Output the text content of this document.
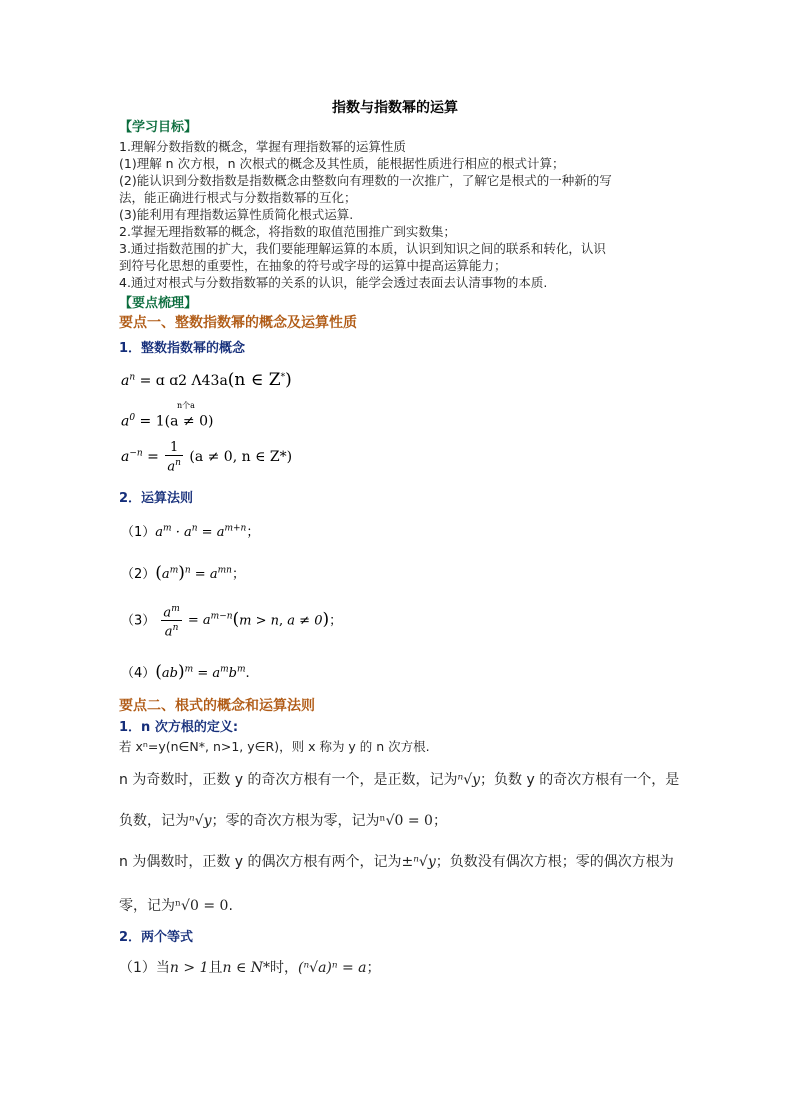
指数与指数幂的运算
【学习目标】
1.理解分数指数的概念，掌握有理指数幂的运算性质
(1)理解 n 次方根，n 次根式的概念及其性质，能根据性质进行相应的根式计算；
(2)能认识到分数指数是指数概念由整数向有理数的一次推广，了解它是根式的一种新的写
法，能正确进行根式与分数指数幂的互化；
(3)能利用有理指数运算性质简化根式运算.
2.掌握无理指数幂的概念，将指数的取值范围推广到实数集；
3.通过指数范围的扩大，我们要能理解运算的本质，认识到知识之间的联系和转化，认识
到符号化思想的重要性，在抽象的符号或字母的运算中提高运算能力；
4.通过对根式与分数指数幂的关系的认识，能学会透过表面去认清事物的本质.
【要点梳理】
要点一、整数指数幂的概念及运算性质
1．整数指数幂的概念
$a^n$ = ɑ ɑ2 Λ43a(n ∈ Z*)
n个a
$a^0 = 1(a \ne 0)$
$a^{-n} = \frac{1}{a^n} (a \ne 0$, n ∈ Z*)
2．运算法则
$(1)a^m \cdot a^n = a^{m+n}$；
$(2)(a^m)^n = a^{mn}$；
$(3) \frac{a^m}{a^n} = a^{m-n}(m > n$, a ≠ 0)；
$(4)(ab)^m = a^mb^m$.
要点二、根式的概念和运算法则
1．n 次方根的定义:
若 xⁿ=y(n∈N*, n>1, y∈R)，则 x 称为 y 的 n 次方根.
n 为奇数时，正数 y 的奇次方根有一个，是正数，记为ⁿ√y；负数 y 的奇次方根有一个，是
负数，记为ⁿ√y；零的奇次方根为零，记为ⁿ√0 = 0；
n 为偶数时，正数 y 的偶次方根有两个，记为±ⁿ√y；负数没有偶次方根；零的偶次方根为
零，记为ⁿ√0 = 0.
2．两个等式
（1）当n > 1且n ∈ N*时，(ⁿ√a)ⁿ = a；
